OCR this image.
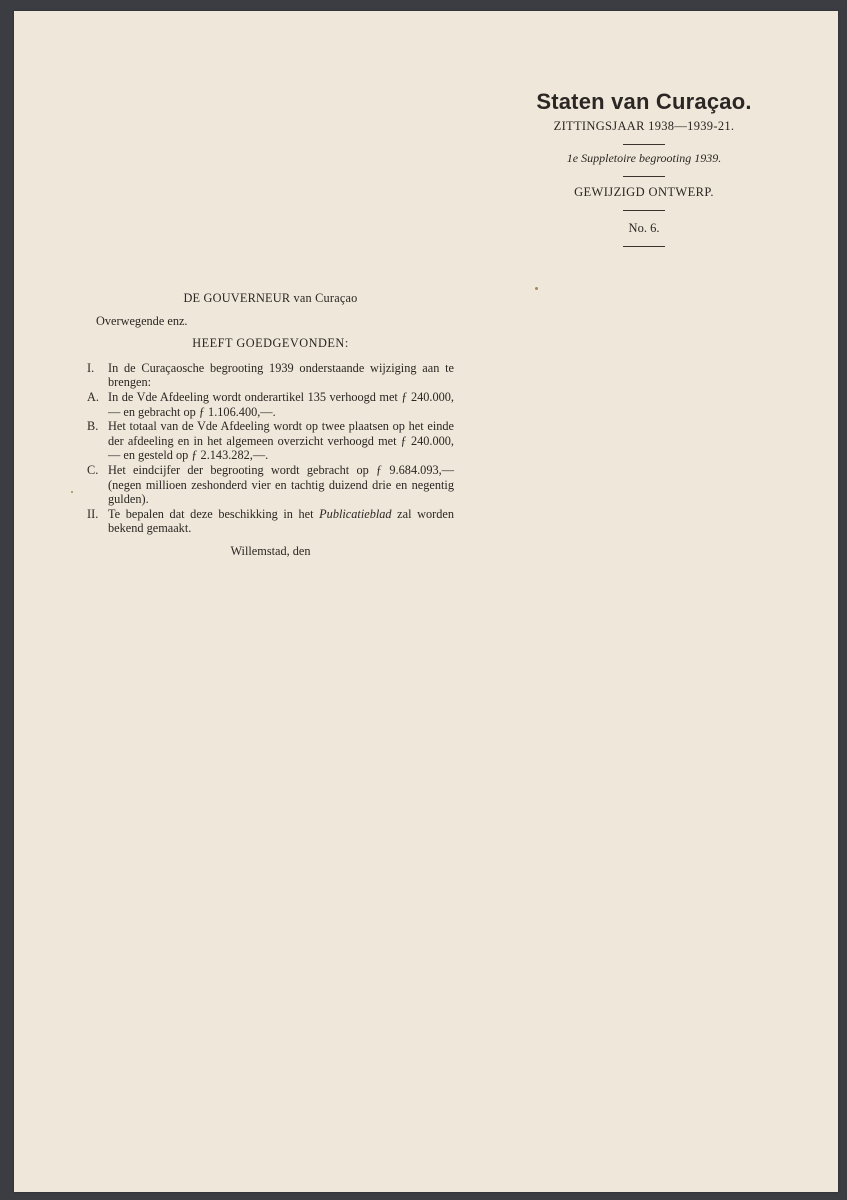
Staten van Curaçao.
ZITTINGSJAAR 1938—1939-21.
1e Suppletoire begrooting 1939.
GEWIJZIGD ONTWERP.
No. 6.
DE GOUVERNEUR van Curaçao
Overwegende enz.
HEEFT GOEDGEVONDEN:
I.	In de Curaçaosche begrooting 1939 onderstaande wijziging aan te brengen:
A. In de Vde Afdeeling wordt onderartikel 135 verhoogd met ƒ 240.000,— en gebracht op ƒ 1.106.400,—.
B. Het totaal van de Vde Afdeeling wordt op twee plaatsen op het einde der afdeeling en in het algemeen overzicht verhoogd met ƒ 240.000,— en gesteld op ƒ 2.143.282,—.
C. Het eindcijfer der begrooting wordt gebracht op ƒ 9.684.093,— (negen millioen zeshonderd vier en tachtig duizend drie en negentig gulden).
II. Te bepalen dat deze beschikking in het Publicatieblad zal worden bekend gemaakt.
Willemstad, den
